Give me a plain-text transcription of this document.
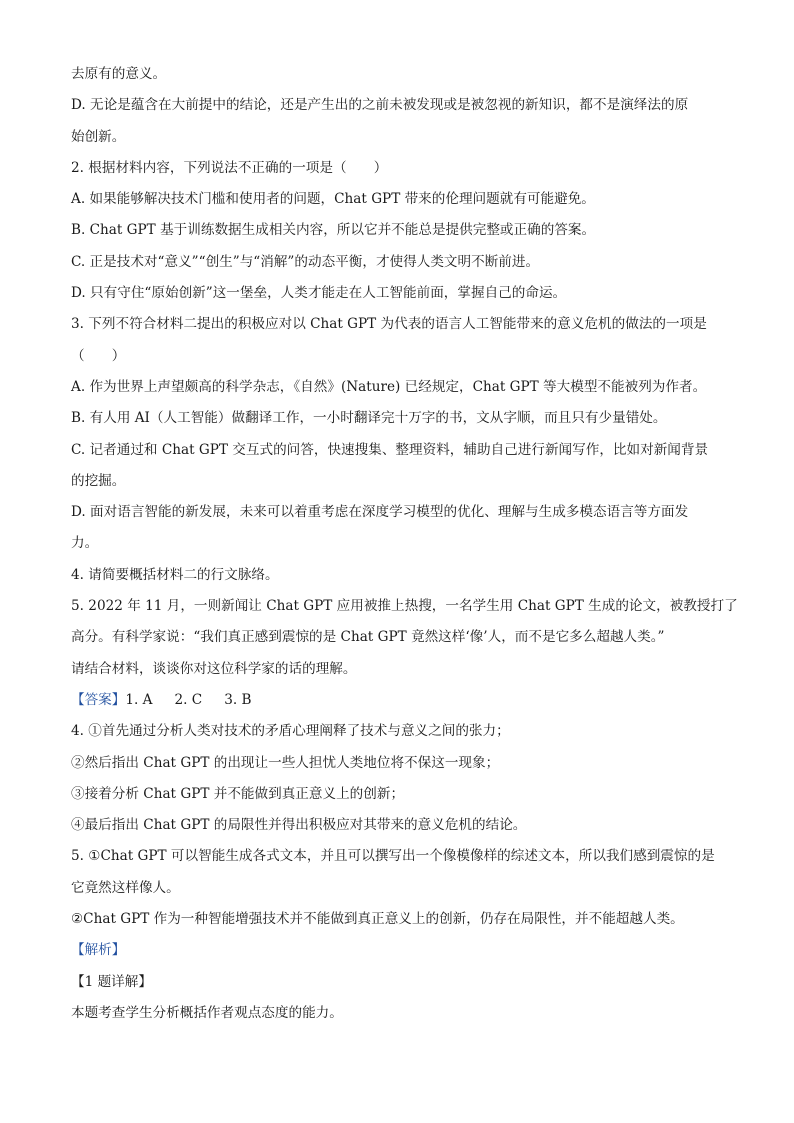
去原有的意义。
D. 无论是蕴含在大前提中的结论，还是产生出的之前未被发现或是被忽视的新知识，都不是演绎法的原
始创新。
2. 根据材料内容，下列说法不正确的一项是（　　）
A. 如果能够解决技术门槛和使用者的问题，Chat GPT 带来的伦理问题就有可能避免。
B. Chat GPT 基于训练数据生成相关内容，所以它并不能总是提供完整或正确的答案。
C. 正是技术对“意义”“创生”与“消解”的动态平衡，才使得人类文明不断前进。
D. 只有守住“原始创新”这一堡垒，人类才能走在人工智能前面，掌握自己的命运。
3. 下列不符合材料二提出的积极应对以 Chat GPT 为代表的语言人工智能带来的意义危机的做法的一项是
（　　）
A. 作为世界上声望颇高的科学杂志，《自然》(Nature) 已经规定，Chat GPT 等大模型不能被列为作者。
B. 有人用 AI（人工智能）做翻译工作，一小时翻译完十万字的书，文从字顺，而且只有少量错处。
C. 记者通过和 Chat GPT 交互式的问答，快速搜集、整理资料，辅助自己进行新闻写作，比如对新闻背景
的挖掘。
D. 面对语言智能的新发展，未来可以着重考虑在深度学习模型的优化、理解与生成多模态语言等方面发
力。
4. 请简要概括材料二的行文脉络。
5. 2022 年 11 月，一则新闻让 Chat GPT 应用被推上热搜，一名学生用 Chat GPT 生成的论文，被教授打了
高分。有科学家说：“我们真正感到震惊的是 Chat GPT 竟然这样‘像’人，而不是它多么超越人类。”
请结合材料，谈谈你对这位科学家的话的理解。
【答案】1. A 2. C 3. B
4. ①首先通过分析人类对技术的矛盾心理阐释了技术与意义之间的张力；
②然后指出 Chat GPT 的出现让一些人担忧人类地位将不保这一现象；
③接着分析 Chat GPT 并不能做到真正意义上的创新；
④最后指出 Chat GPT 的局限性并得出积极应对其带来的意义危机的结论。
5. ①Chat GPT 可以智能生成各式文本，并且可以撰写出一个像模像样的综述文本，所以我们感到震惊的是
它竟然这样像人。
②Chat GPT 作为一种智能增强技术并不能做到真正意义上的创新，仍存在局限性，并不能超越人类。
【解析】
【1 题详解】
本题考查学生分析概括作者观点态度的能力。
